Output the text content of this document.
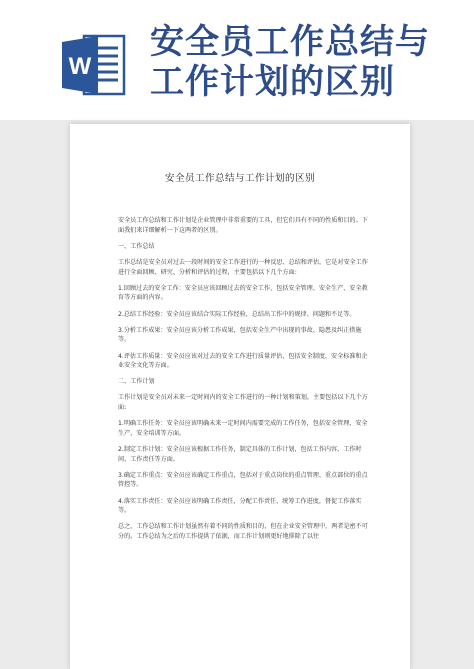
W
安全员工作总结与
工作计划的区别
安全员工作总结与工作计划的区别

安全员工作总结和工作计划是企业管理中非常重要的工具，但它们具有不同的性质和目的。下面我们来详细解析一下这两者的区别。

一、工作总结

工作总结是安全员对过去一段时间的安全工作进行的一种反思、总结和评估。它是对安全工作进行全面回顾、研究、分析和评估的过程，主要包括以下几个方面:

1.回顾过去的安全工作：安全员应该回顾过去的安全工作，包括安全管理、安全生产、安全教育等方面的内容。

2.总结工作经验：安全员应该结合实际工作经验，总结出工作中的规律、问题和不足等。

3.分析工作成果：安全员应该分析工作成果，包括安全生产中出现的事故、隐患及纠正措施等。

4.评估工作质量：安全员应该对过去的安全工作进行质量评估，包括安全制度、安全标准和企业安全文化等方面。

二、工作计划

工作计划是安全员对未来一定时间内的安全工作进行的一种计划和策划，主要包括以下几个方面:

1.明确工作任务：安全员应该明确未来一定时间内需要完成的工作任务，包括安全管理、安全生产、安全培训等方面。

2.制定工作计划：安全员应该根据工作任务，制定具体的工作计划，包括工作内容、工作时间、工作责任等方面。

3.确定工作重点：安全员应该确定工作重点，包括对于重点岗位的重点管理、重点部位的重点管控等。

4.落实工作责任：安全员应该明确工作责任，分配工作责任，统筹工作进度，督促工作落实等。

总之，工作总结和工作计划虽然有着不同的性质和目的，但在企业安全管理中，两者是密不可分的。工作总结为之后的工作提供了依据，而工作计划则更好地排除了以往
